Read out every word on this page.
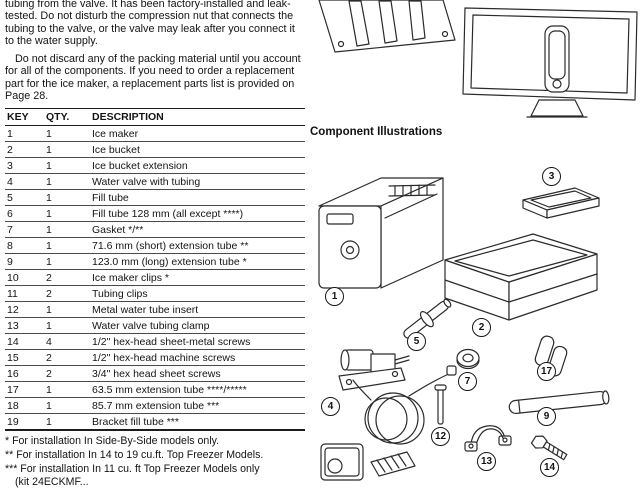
tubing from the valve. It has been factory-installed and leak-tested. Do not disturb the compression nut that connects the tubing to the valve, or the valve may leak after you connect it to the water supply.

Do not discard any of the packing material until you account for all of the components. If you need to order a replacement part for the ice maker, a replacement parts list is provided on Page 28.

KEY	QTY.	DESCRIPTION
1	1	Ice maker
2	1	Ice bucket
3	1	Ice bucket extension
4	1	Water valve with tubing
5	1	Fill tube
6	1	Fill tube 128 mm (all except ****)
7	1	Gasket */**
8	1	71.6 mm (short) extension tube **
9	1	123.0 mm (long) extension tube *
10	2	Ice maker clips *
11	2	Tubing clips
12	1	Metal water tube insert
13	1	Water valve tubing clamp
14	4	1/2" hex-head sheet-metal screws
15	2	1/2" hex-head machine screws
16	2	3/4" hex head sheet screws
17	1	63.5 mm extension tube ****/*****
18	1	85.7 mm extension tube ***
19	1	Bracket fill tube ***

* For installation In Side-By-Side models only.

** For installation In 14 to 19 cu.ft. Top Freezer Models.

*** For installation In 11 cu. ft Top Freezer Models only

(kit 24ECKMF...

Component Illustrations
1
2
3
4
5
7
9
12
13
14
17
